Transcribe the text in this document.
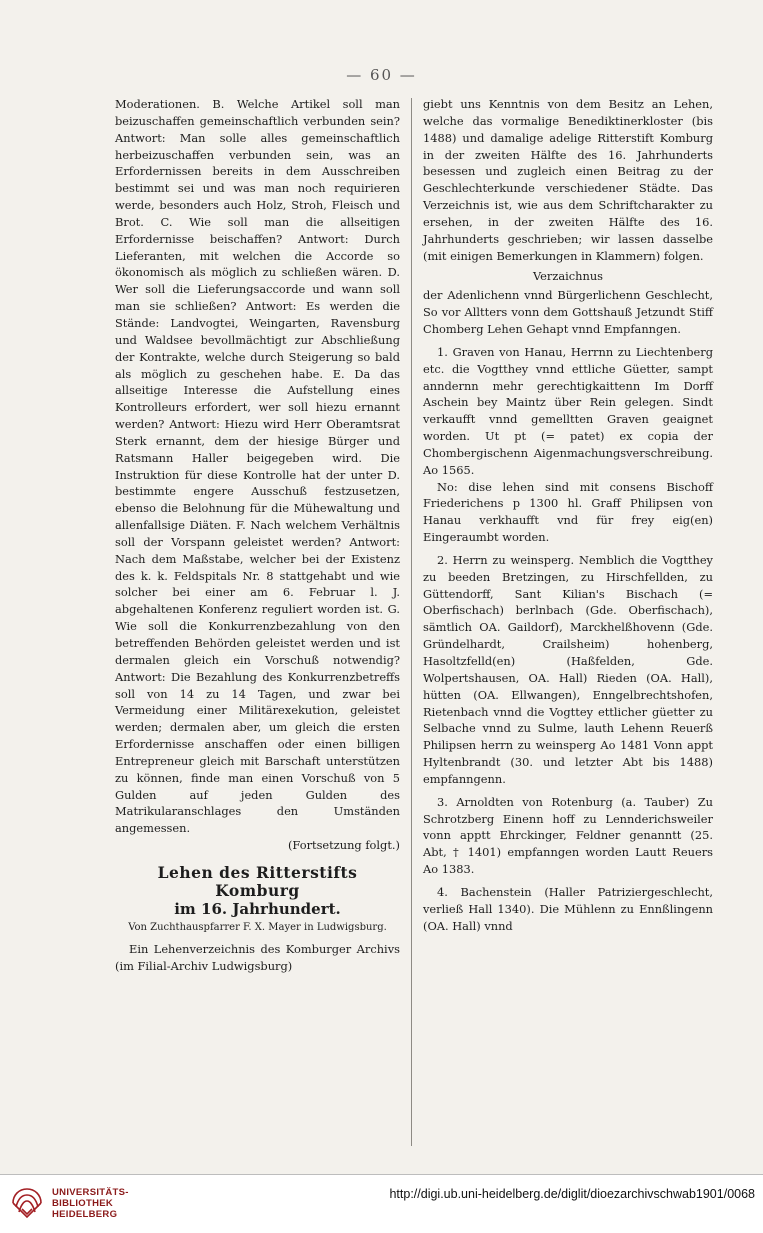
— 60 —

Moderationen. B. Welche Artikel soll man beizuschaffen gemeinschaftlich verbunden sein? Antwort: Man solle alles gemeinschaftlich herbeizuschaffen verbunden sein, was an Erfordernissen bereits in dem Ausschreiben bestimmt sei und was man noch requirieren werde, besonders auch Holz, Stroh, Fleisch und Brot. C. Wie soll man die allseitigen Erfordernisse beischaffen? Antwort: Durch Lieferanten, mit welchen die Accorde so ökonomisch als möglich zu schließen wären. D. Wer soll die Lieferungsaccorde und wann soll man sie schließen? Antwort: Es werden die Stände: Landvogtei, Weingarten, Ravensburg und Waldsee bevollmächtigt zur Abschließung der Kontrakte, welche durch Steigerung so bald als möglich zu geschehen habe. E. Da das allseitige Interesse die Aufstellung eines Kontrolleurs erfordert, wer soll hiezu ernannt werden? Antwort: Hiezu wird Herr Oberamtsrat Sterk ernannt, dem der hiesige Bürger und Ratsmann Haller beigegeben wird. Die Instruktion für diese Kontrolle hat der unter D. bestimmte engere Ausschuß festzusetzen, ebenso die Belohnung für die Mühewaltung und allenfallsige Diäten. F. Nach welchem Verhältnis soll der Vorspann geleistet werden? Antwort: Nach dem Maßstabe, welcher bei der Existenz des k. k. Feldspitals Nr. 8 stattgehabt und wie solcher bei einer am 6. Februar l. J. abgehaltenen Konferenz reguliert worden ist. G. Wie soll die Konkurrenzbezahlung von den betreffenden Behörden geleistet werden und ist dermalen gleich ein Vorschuß notwendig? Antwort: Die Bezahlung des Konkurrenzbetreffs soll von 14 zu 14 Tagen, und zwar bei Vermeidung einer Militärexekution, geleistet werden; dermalen aber, um gleich die ersten Erfordernisse anschaffen oder einen billigen Entrepreneur gleich mit Barschaft unterstützen zu können, finde man einen Vorschuß von 5 Gulden auf jeden Gulden des Matrikularanschlages den Umständen angemessen.

(Fortsetzung folgt.)

Lehen des Ritterstifts Komburg
im 16. Jahrhundert.
Von Zuchthauspfarrer F. X. Mayer in Ludwigsburg.

Ein Lehenverzeichnis des Komburger Archivs (im Filial-Archiv Ludwigsburg)

giebt uns Kenntnis von dem Besitz an Lehen, welche das vormalige Benediktinerkloster (bis 1488) und damalige adelige Ritterstift Komburg in der zweiten Hälfte des 16. Jahrhunderts besessen und zugleich einen Beitrag zu der Geschlechterkunde verschiedener Städte. Das Verzeichnis ist, wie aus dem Schriftcharakter zu ersehen, in der zweiten Hälfte des 16. Jahrhunderts geschrieben; wir lassen dasselbe (mit einigen Bemerkungen in Klammern) folgen.

Verzaichnus

der Adenlichenn vnnd Bürgerlichenn Geschlecht, So vor Alltters vonn dem Gottshauß Jetzundt Stiff Chomberg Lehen Gehapt vnnd Empfanngen.

1. Graven von Hanau, Herrnn zu Liechtenberg etc. die Vogtthey vnnd ettliche Güetter, sampt anndernn mehr gerechtigkaittenn Im Dorff Aschein bey Maintz über Rein gelegen. Sindt verkaufft vnnd gemelltten Graven geaignet worden. Ut pt (= patet) ex copia der Chombergischenn Aigenmachungsverschreibung. Ao 1565.

No: dise lehen sind mit consens Bischoff Friederichens p 1300 hl. Graff Philipsen von Hanau verkhaufft vnd für frey eig(en) Eingeraumbt worden.

2. Herrn zu weinsperg. Nemblich die Vogtthey zu beeden Bretzingen, zu Hirschfellden, zu Güttendorff, Sant Kilian's Bischach (= Oberfischach) berlnbach (Gde. Oberfischach), sämtlich OA. Gaildorf), Marckhelßhovenn (Gde. Gründelhardt, Crailsheim) hohenberg, Hasoltzfelld(en) (Haßfelden, Gde. Wolpertshausen, OA. Hall) Rieden (OA. Hall), hütten (OA. Ellwangen), Enngelbrechtshofen, Rietenbach vnnd die Vogttey ettlicher güetter zu Selbache vnnd zu Sulme, lauth Lehenn Reuerß Philipsen herrn zu weinsperg Ao 1481 Vonn appt Hyltenbrandt (30. und letzter Abt bis 1488) empfanngenn.

3. Arnoldten von Rotenburg (a. Tauber) Zu Schrotzberg Einenn hoff zu Lennderichsweiler vonn apptt Ehrckinger, Feldner genanntt (25. Abt, † 1401) empfanngen worden Lautt Reuers Ao 1383.

4. Bachenstein (Haller Patriziergeschlecht, verließ Hall 1340). Die Mühlenn zu Ennßlingenn (OA. Hall) vnnd

UNIVERSITÄTS-
BIBLIOTHEK
HEIDELBERG
http://digi.ub.uni-heidelberg.de/diglit/dioezarchivschwab1901/0068
